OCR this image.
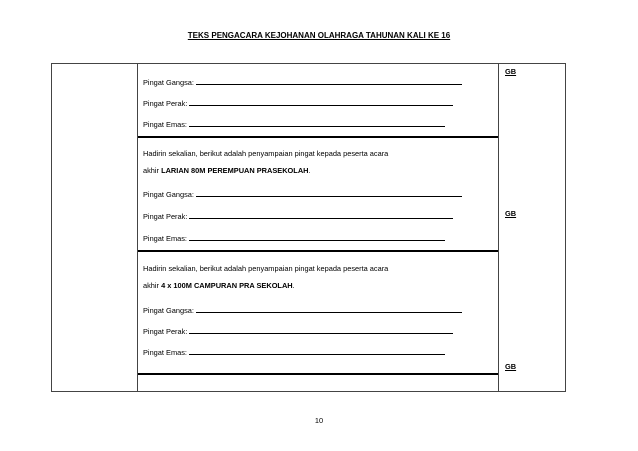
TEKS PENGACARA KEJOHANAN OLAHRAGA TAHUNAN KALI KE 16
Pingat Gangsa:
Pingat Perak:
Pingat Emas:
Hadirin sekalian, berikut adalah penyampaian pingat kepada peserta acara
akhir LARIAN 80M PEREMPUAN PRASEKOLAH.
Pingat Gangsa:
Pingat Perak:
Pingat Emas:
Hadirin sekalian, berikut adalah penyampaian pingat kepada peserta acara
akhir 4 x 100M CAMPURAN PRA SEKOLAH.
Pingat Gangsa:
Pingat Perak:
Pingat Emas:
GB
GB
GB
10
